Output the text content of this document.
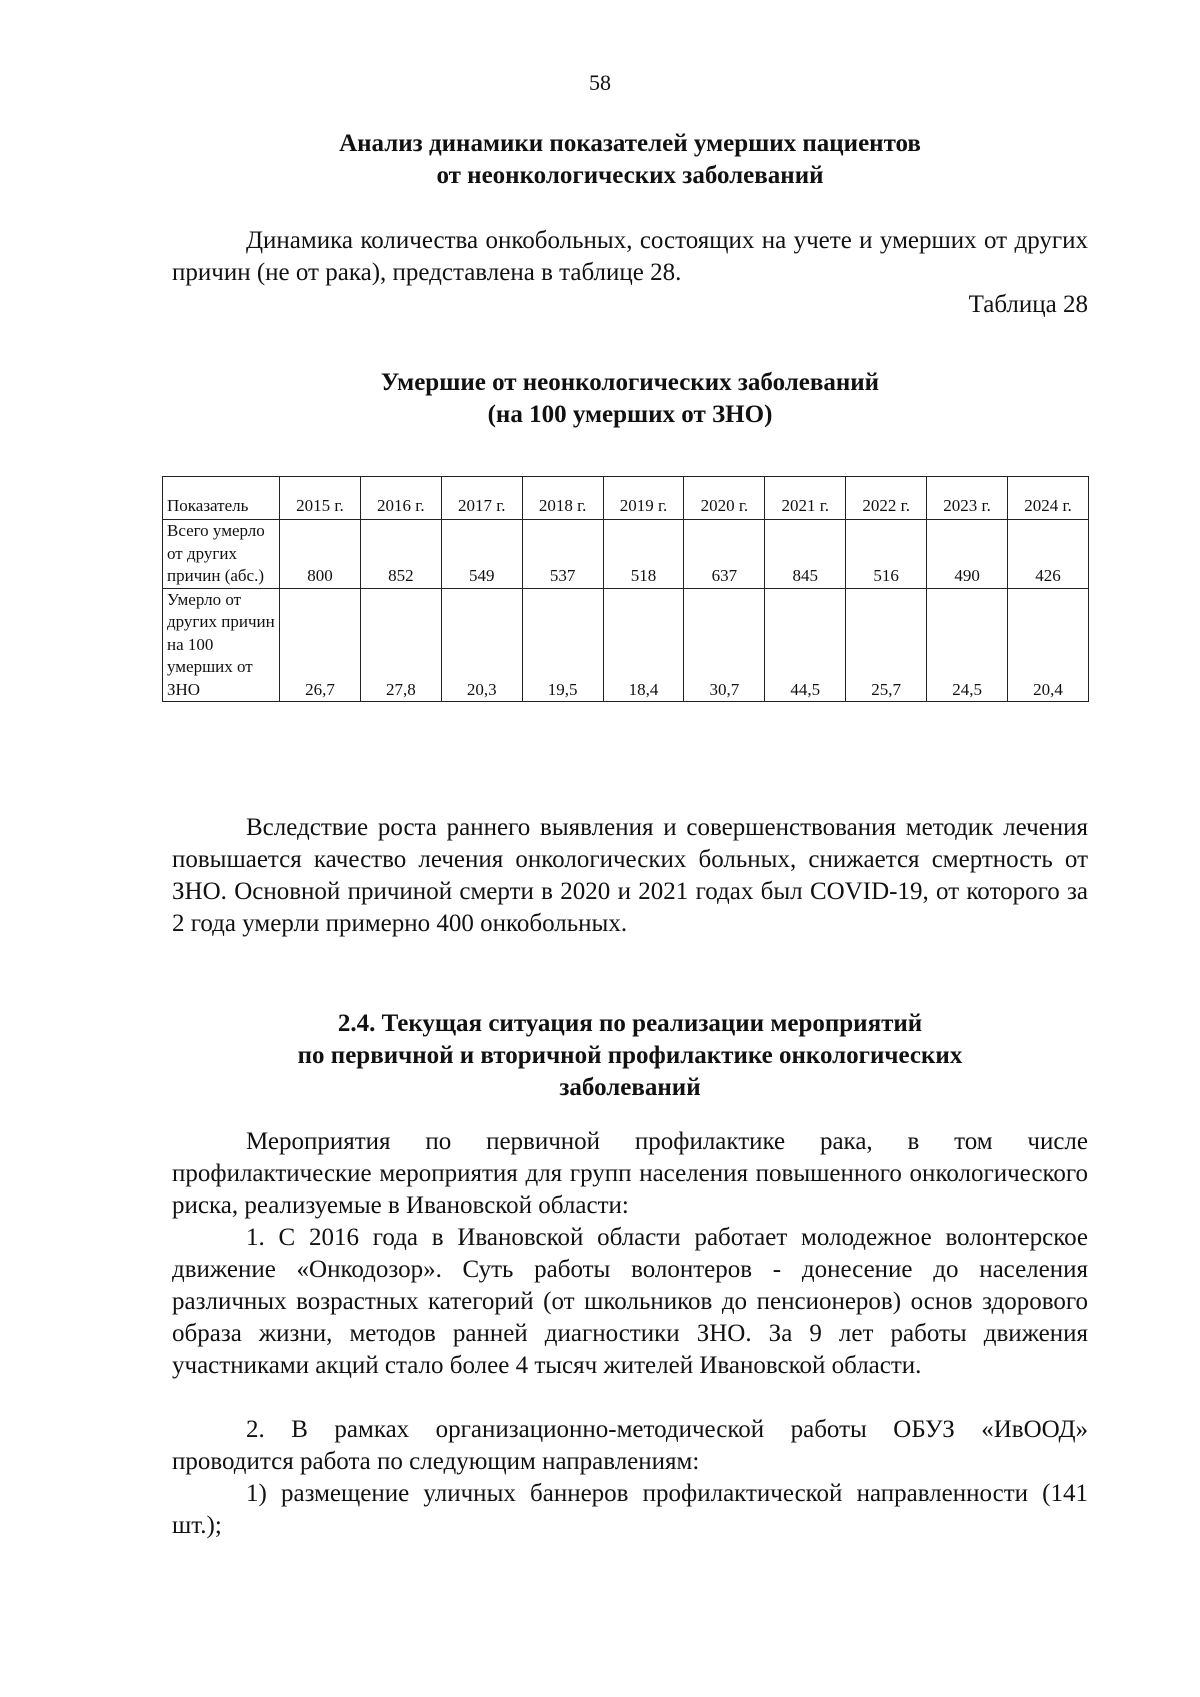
58
Анализ динамики показателей умерших пациентов
от неонкологических заболеваний
Динамика количества онкобольных, состоящих на учете и умерших от других причин (не от рака), представлена в таблице 28.
Таблица 28
Умершие от неонкологических заболеваний
(на 100 умерших от ЗНО)
Показатель	2015 г.	2016 г.	2017 г.	2018 г.	2019 г.	2020 г.	2021 г.	2022 г.	2023 г.	2024 г.
Всего умерло от других причин (абс.)	800	852	549	537	518	637	845	516	490	426
Умерло от других причин на 100 умерших от ЗНО	26,7	27,8	20,3	19,5	18,4	30,7	44,5	25,7	24,5	20,4
Вследствие роста раннего выявления и совершенствования методик лечения повышается качество лечения онкологических больных, снижается смертность от ЗНО. Основной причиной смерти в 2020 и 2021 годах был COVID-19, от которого за 2 года умерли примерно 400 онкобольных.
2.4. Текущая ситуация по реализации мероприятий
по первичной и вторичной профилактике онкологических
заболеваний
Мероприятия по первичной профилактике рака, в том числе профилактические мероприятия для групп населения повышенного онкологического риска, реализуемые в Ивановской области:
1. С 2016 года в Ивановской области работает молодежное волонтерское движение «Онкодозор». Суть работы волонтеров - донесение до населения различных возрастных категорий (от школьников до пенсионеров) основ здорового образа жизни, методов ранней диагностики ЗНО. За 9 лет работы движения участниками акций стало более 4 тысяч жителей Ивановской области.
2. В рамках организационно-методической работы ОБУЗ «ИвООД» проводится работа по следующим направлениям:
1) размещение уличных баннеров профилактической направленности (141 шт.);
